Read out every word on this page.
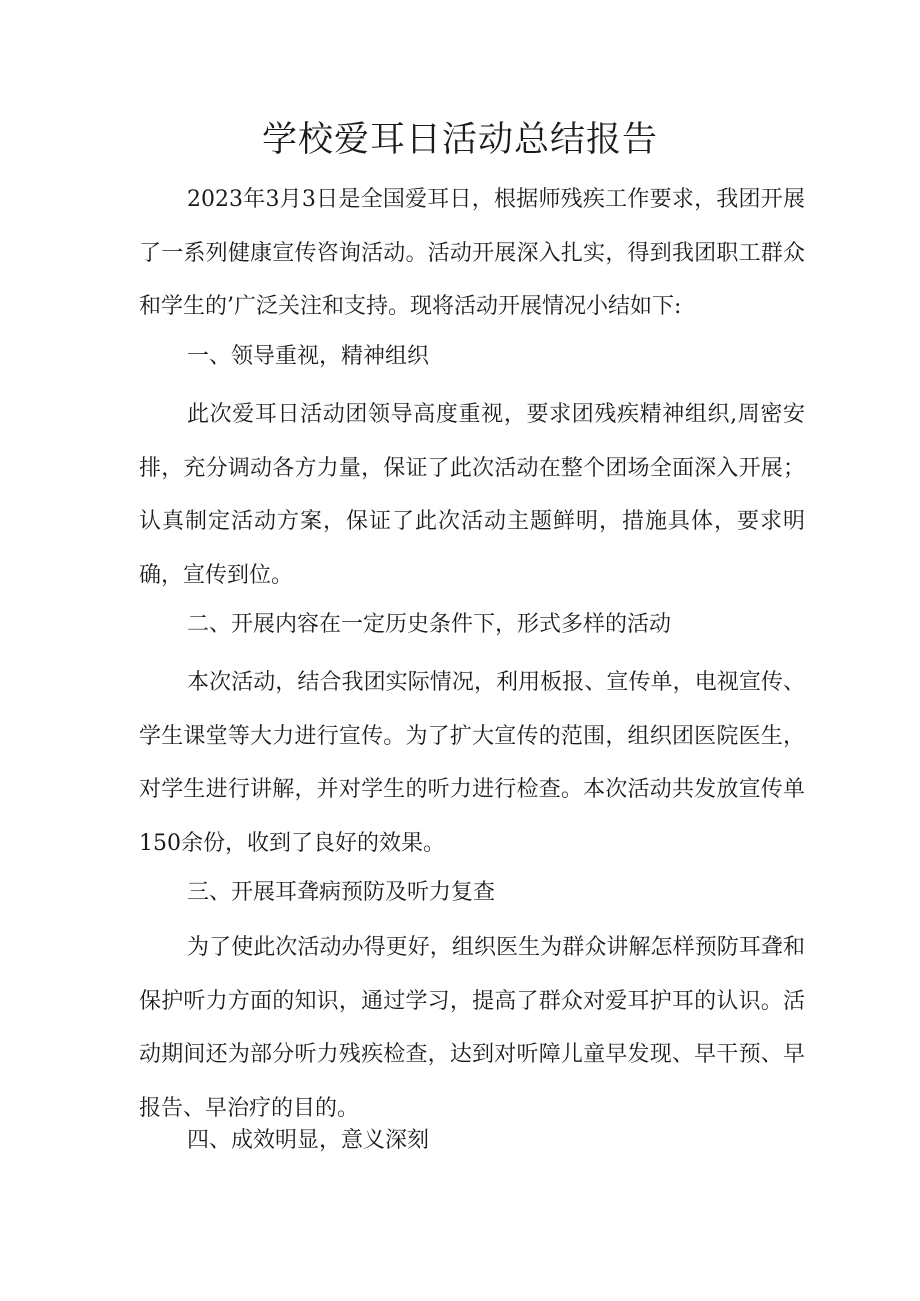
学校爱耳日活动总结报告

2023年3月3日是全国爱耳日，根据师残疾工作要求，我团开展了一系列健康宣传咨询活动。活动开展深入扎实，得到我团职工群众和学生的’广泛关注和支持。现将活动开展情况小结如下:

一、领导重视，精神组织

此次爱耳日活动团领导高度重视，要求团残疾精神组织,周密安排，充分调动各方力量，保证了此次活动在整个团场全面深入开展；认真制定活动方案，保证了此次活动主题鲜明，措施具体，要求明确，宣传到位。

二、开展内容在一定历史条件下，形式多样的活动

本次活动，结合我团实际情况，利用板报、宣传单，电视宣传、学生课堂等大力进行宣传。为了扩大宣传的范围，组织团医院医生，对学生进行讲解，并对学生的听力进行检查。本次活动共发放宣传单150余份，收到了良好的效果。

三、开展耳聋病预防及听力复查

为了使此次活动办得更好，组织医生为群众讲解怎样预防耳聋和保护听力方面的知识，通过学习，提高了群众对爱耳护耳的认识。活动期间还为部分听力残疾检查，达到对听障儿童早发现、早干预、早报告、早治疗的目的。

四、成效明显，意义深刻
